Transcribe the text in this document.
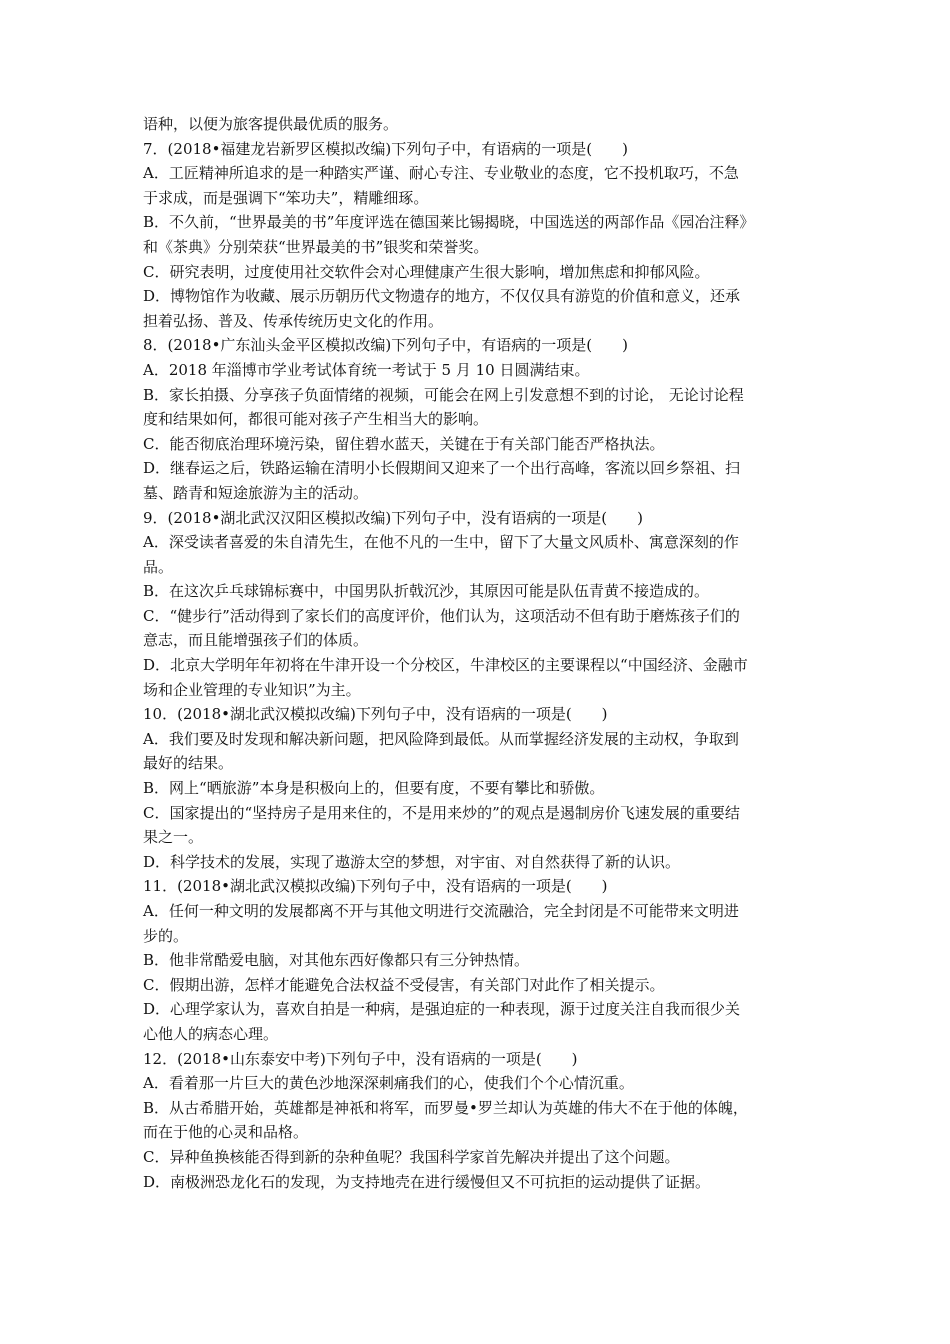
语种，以便为旅客提供最优质的服务。
7．(2018•福建龙岩新罗区模拟改编)下列句子中，有语病的一项是(　　)
A．工匠精神所追求的是一种踏实严谨、耐心专注、专业敬业的态度，它不投机取巧，不急
于求成，而是强调下“笨功夫”，精雕细琢。
B．不久前，“世界最美的书”年度评选在德国莱比锡揭晓，中国选送的两部作品《园冶注释》
和《茶典》分别荣获“世界最美的书”银奖和荣誉奖。
C．研究表明，过度使用社交软件会对心理健康产生很大影响，增加焦虑和抑郁风险。
D．博物馆作为收藏、展示历朝历代文物遗存的地方，不仅仅具有游览的价值和意义，还承
担着弘扬、普及、传承传统历史文化的作用。
8．(2018•广东汕头金平区模拟改编)下列句子中，有语病的一项是(　　)
A．2018 年淄博市学业考试体育统一考试于 5 月 10 日圆满结束。
B．家长拍摄、分享孩子负面情绪的视频，可能会在网上引发意想不到的讨论， 无论讨论程
度和结果如何，都很可能对孩子产生相当大的影响。
C．能否彻底治理环境污染，留住碧水蓝天，关键在于有关部门能否严格执法。
D．继春运之后，铁路运输在清明小长假期间又迎来了一个出行高峰，客流以回乡祭祖、扫
墓、踏青和短途旅游为主的活动。
9．(2018•湖北武汉汉阳区模拟改编)下列句子中，没有语病的一项是(　　)
A．深受读者喜爱的朱自清先生，在他不凡的一生中，留下了大量文风质朴、寓意深刻的作
品。
B．在这次乒乓球锦标赛中，中国男队折戟沉沙，其原因可能是队伍青黄不接造成的。
C．“健步行”活动得到了家长们的高度评价，他们认为，这项活动不但有助于磨炼孩子们的
意志，而且能增强孩子们的体质。
D．北京大学明年年初将在牛津开设一个分校区，牛津校区的主要课程以“中国经济、金融市
场和企业管理的专业知识”为主。
10．(2018•湖北武汉模拟改编)下列句子中，没有语病的一项是(　　)
A．我们要及时发现和解决新问题，把风险降到最低。从而掌握经济发展的主动权，争取到
最好的结果。
B．网上“晒旅游”本身是积极向上的，但要有度，不要有攀比和骄傲。
C．国家提出的“坚持房子是用来住的，不是用来炒的”的观点是遏制房价飞速发展的重要结
果之一。
D．科学技术的发展，实现了遨游太空的梦想，对宇宙、对自然获得了新的认识。
11．(2018•湖北武汉模拟改编)下列句子中，没有语病的一项是(　　)
A．任何一种文明的发展都离不开与其他文明进行交流融洽，完全封闭是不可能带来文明进
步的。
B．他非常酷爱电脑，对其他东西好像都只有三分钟热情。
C．假期出游，怎样才能避免合法权益不受侵害，有关部门对此作了相关提示。
D．心理学家认为，喜欢自拍是一种病，是强迫症的一种表现，源于过度关注自我而很少关
心他人的病态心理。
12．(2018•山东泰安中考)下列句子中，没有语病的一项是(　　)
A．看着那一片巨大的黄色沙地深深刺痛我们的心，使我们个个心情沉重。
B．从古希腊开始，英雄都是神祇和将军，而罗曼•罗兰却认为英雄的伟大不在于他的体魄，
而在于他的心灵和品格。
C．异种鱼换核能否得到新的杂种鱼呢？我国科学家首先解决并提出了这个问题。
D．南极洲恐龙化石的发现，为支持地壳在进行缓慢但又不可抗拒的运动提供了证据。
